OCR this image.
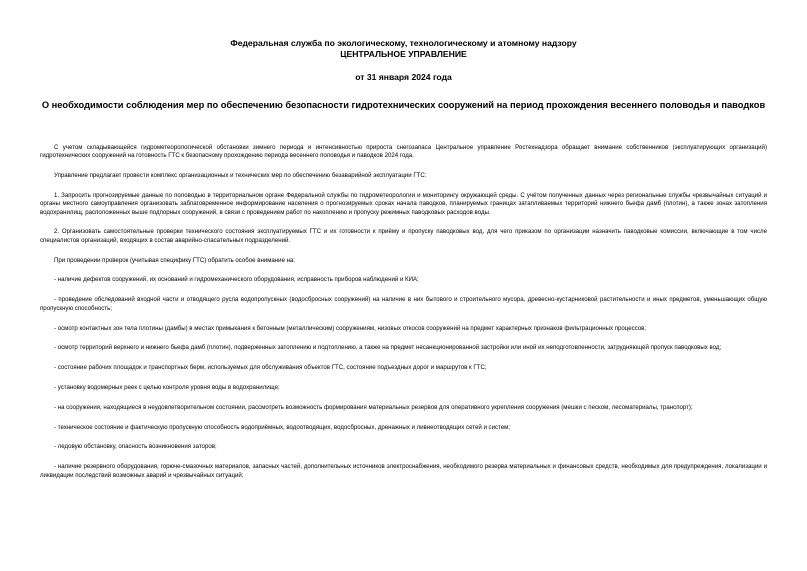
Федеральная служба по экологическому, технологическому и атомному надзору
ЦЕНТРАЛЬНОЕ УПРАВЛЕНИЕ
от 31 января 2024 года
О необходимости соблюдения мер по обеспечению безопасности гидротехнических сооружений на период прохождения весеннего половодья и паводков

С учетом складывающейся гидрометеорологической обстановки зимнего периода и интенсивностью прироста снегозапаса Центральное управление Ростехнадзора обращает внимание собственников (эксплуатирующих организаций) гидротехнических сооружений на готовность ГТС к безопасному прохождению периода весеннего половодья и паводков 2024 года.

Управление предлагает провести комплекс организационных и технических мер по обеспечению безаварийной эксплуатации ГТС:

1. Запросить прогнозируемые данные по половодью в территориальном органе Федеральной службы по гидрометеорологии и мониторингу окружающей среды. С учётом полученных данных через региональные службы чрезвычайных ситуаций и органы местного самоуправления организовать заблаговременное информирование населения о прогнозируемых сроках начала паводков, планируемых границах затапливаемых территорий нижнего бьефа дамб (плотин), а также зонах затопления водохранилищ, расположенных выше подпорных сооружений, в связи с проведением работ по накоплению и пропуску режимных паводковых расходов воды.

2. Организовать самостоятельные проверки технического состояния эксплуатируемых ГТС и их готовности к приёму и пропуску паводковых вод, для чего приказом по организации назначить паводковые комиссии, включающие в том числе специалистов организаций, входящих в состав аварийно-спасательных подразделений.

При проведении проверок (учитывая специфику ГТС) обратить особое внимание на:

- наличие дефектов сооружений, их оснований и гидромеханического оборудования, исправность приборов наблюдений и КИА;

- проведение обследований входной части и отводящего русла водопропускных (водосбросных сооружений) на наличие в них бытового и строительного мусора, древесно-кустарниковой растительности и иных предметов, уменьшающих общую пропускную способность;

- осмотр контактных зон тела плотины (дамбы) в местах примыкания к бетонным (металлическим) сооружениям, низовых откосов сооружений на предмет характерных признаков фильтрационных процессов;

- осмотр территорий верхнего и нижнего бьефа дамб (плотин), подверженных затоплению и подтоплению, а также на предмет несанкционированной застройки или иной их неподготовленности, затрудняющей пропуск паводковых вод;

- состояние рабочих площадок и транспортных берм, используемых для обслуживания объектов ГТС, состояние подъездных дорог и маршрутов к ГТС;

- установку водомерных реек с целью контроля уровня воды в водохранилище;

- на сооружения, находящиеся в неудовлетворительном состоянии, рассмотреть возможность формирования материальных резервов для оперативного укрепления сооружения (мешки с песком, лесоматериалы, транспорт);

- техническое состояние и фактическую пропускную способность водоприёмных, водоотводящих, водосбросных, дренажных и ливнеотводящих сетей и систем;

- ледовую обстановку, опасность возникновения заторов;

- наличие резервного оборудования, горюче-смазочных материалов, запасных частей, дополнительных источников электроснабжения, необходимого резерва материальных и финансовых средств, необходимых для предупреждения, локализации и ликвидации последствий возможных аварий и чрезвычайных ситуаций;
